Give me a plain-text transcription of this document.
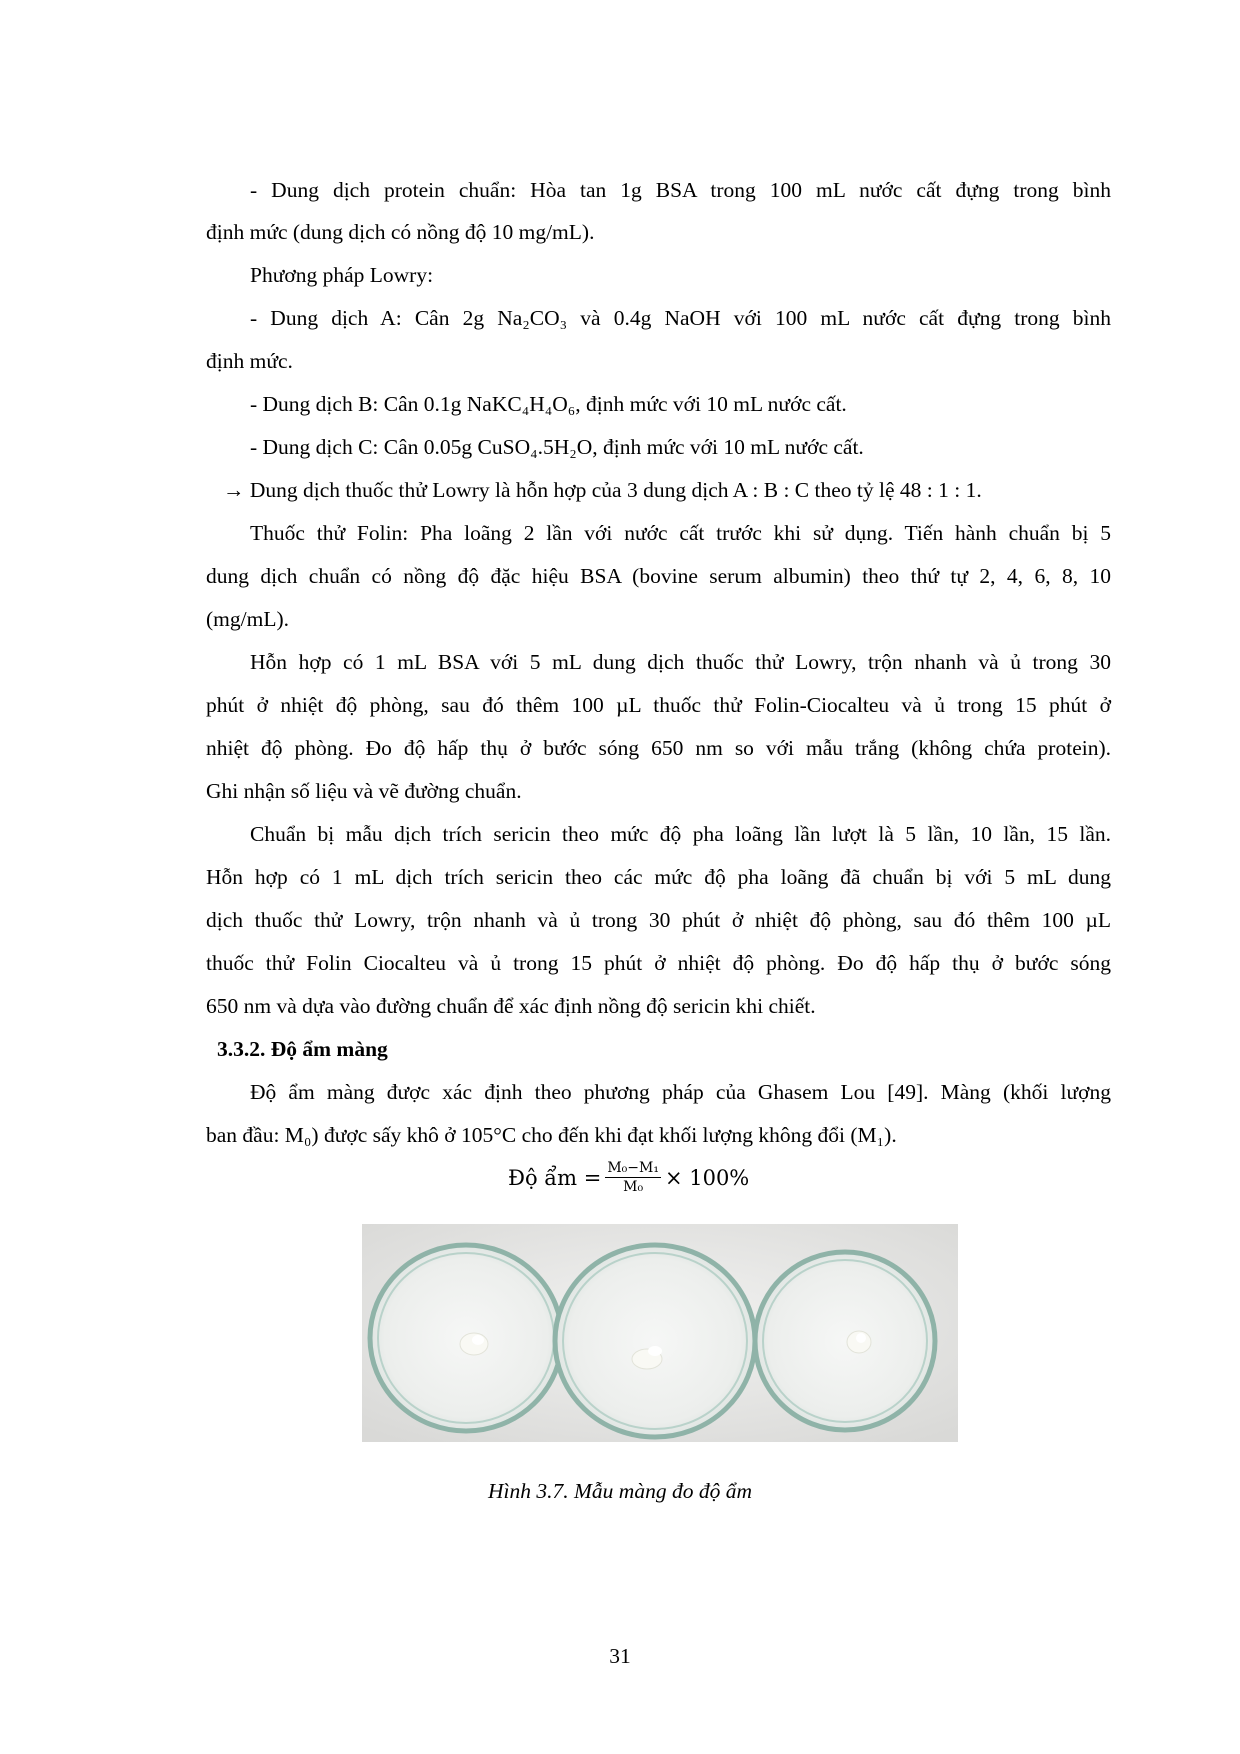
- Dung dịch protein chuẩn: Hòa tan 1g BSA trong 100 mL nước cất đựng trong bình
định mức (dung dịch có nồng độ 10 mg/mL).
Phương pháp Lowry:
- Dung dịch A: Cân 2g Na₂CO₃ và 0.4g NaOH với 100 mL nước cất đựng trong bình
định mức.
- Dung dịch B: Cân 0.1g NaKC₄H₄O₆, định mức với 10 mL nước cất.
- Dung dịch C: Cân 0.05g CuSO₄.5H₂O, định mức với 10 mL nước cất.
→ Dung dịch thuốc thử Lowry là hỗn hợp của 3 dung dịch A : B : C theo tỷ lệ 48 : 1 : 1.
Thuốc thử Folin: Pha loãng 2 lần với nước cất trước khi sử dụng. Tiến hành chuẩn bị 5
dung dịch chuẩn có nồng độ đặc hiệu BSA (bovine serum albumin) theo thứ tự 2, 4, 6, 8, 10
(mg/mL).
Hỗn hợp có 1 mL BSA với 5 mL dung dịch thuốc thử Lowry, trộn nhanh và ủ trong 30
phút ở nhiệt độ phòng, sau đó thêm 100 µL thuốc thử Folin-Ciocalteu và ủ trong 15 phút ở
nhiệt độ phòng. Đo độ hấp thụ ở bước sóng 650 nm so với mẫu trắng (không chứa protein).
Ghi nhận số liệu và vẽ đường chuẩn.
Chuẩn bị mẫu dịch trích sericin theo mức độ pha loãng lần lượt là 5 lần, 10 lần, 15 lần.
Hỗn hợp có 1 mL dịch trích sericin theo các mức độ pha loãng đã chuẩn bị với 5 mL dung
dịch thuốc thử Lowry, trộn nhanh và ủ trong 30 phút ở nhiệt độ phòng, sau đó thêm 100 µL
thuốc thử Folin Ciocalteu và ủ trong 15 phút ở nhiệt độ phòng. Đo độ hấp thụ ở bước sóng
650 nm và dựa vào đường chuẩn để xác định nồng độ sericin khi chiết.
3.3.2. Độ ẩm màng
Độ ẩm màng được xác định theo phương pháp của Ghasem Lou [49]. Màng (khối lượng
ban đầu: M₀) được sấy khô ở 105°C cho đến khi đạt khối lượng không đổi (M₁).
Độ ẩm = $\frac{\text{M₀−M₁}}{\text{M₀}} \times 100\%$
Hình 3.7. Mẫu màng đo độ ẩm
31
